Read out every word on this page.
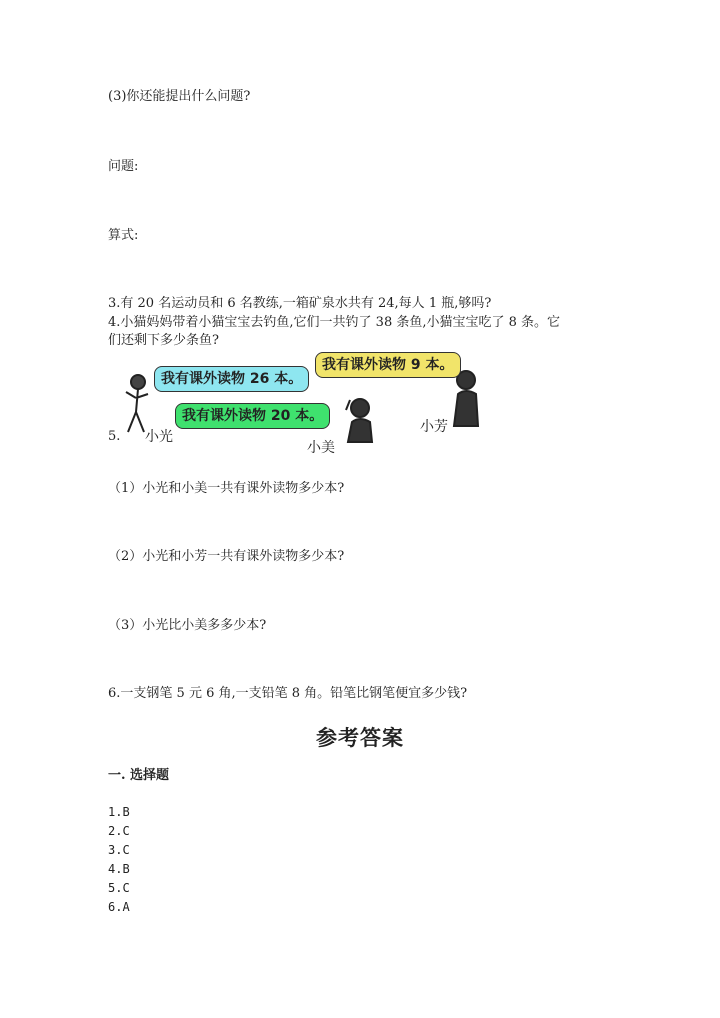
(3)你还能提出什么问题?
问题:
算式:
3.有 20 名运动员和 6 名教练,一箱矿泉水共有 24,每人 1 瓶,够吗?
4.小猫妈妈带着小猫宝宝去钓鱼,它们一共钓了 38 条鱼,小猫宝宝吃了 8 条。它
们还剩下多少条鱼?
5.
我有课外读物 26 本。
我有课外读物 9 本。
我有课外读物 20 本。
小光
小美
小芳
（1）小光和小美一共有课外读物多少本?
（2）小光和小芳一共有课外读物多少本?
（3）小光比小美多多少本?
6.一支钢笔 5 元 6 角,一支铅笔 8 角。铅笔比钢笔便宜多少钱?
参考答案
一. 选择题
1.B
2.C
3.C
4.B
5.C
6.A
